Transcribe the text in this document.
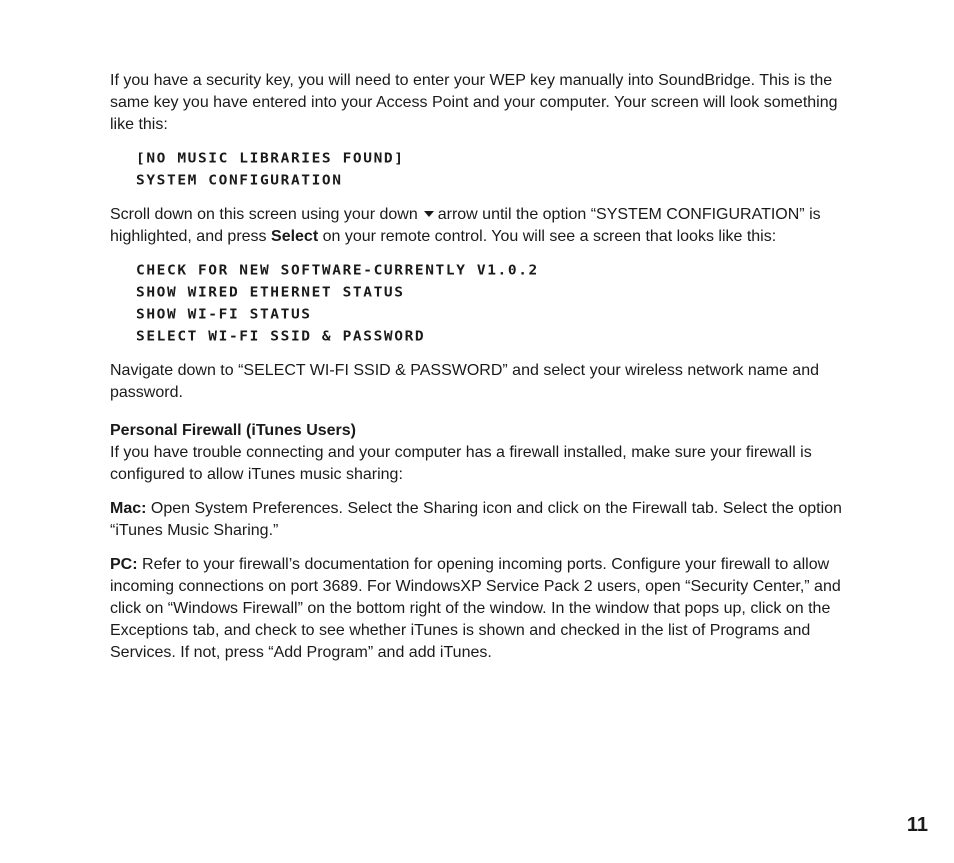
If you have a security key, you will need to enter your WEP key manually into SoundBridge. This is the same key you have entered into your Access Point and your computer. Your screen will look something like this:

[NO MUSIC LIBRARIES FOUND]
SYSTEM CONFIGURATION

Scroll down on this screen using your down arrow until the option “SYSTEM CONFIGURATION” is highlighted, and press Select on your remote control. You will see a screen that looks like this:

CHECK FOR NEW SOFTWARE-CURRENTLY V1.0.2
SHOW WIRED ETHERNET STATUS
SHOW WI-FI STATUS
SELECT WI-FI SSID & PASSWORD

Navigate down to “SELECT WI-FI SSID & PASSWORD” and select your wireless network name and password.

Personal Firewall (iTunes Users)

If you have trouble connecting and your computer has a firewall installed, make sure your firewall is configured to allow iTunes music sharing:

Mac: Open System Preferences. Select the Sharing icon and click on the Firewall tab. Select the option “iTunes Music Sharing.”

PC: Refer to your firewall’s documentation for opening incoming ports. Configure your firewall to allow incoming connections on port 3689. For WindowsXP Service Pack 2 users, open “Security Center,” and click on “Windows Firewall” on the bottom right of the window. In the window that pops up, click on the Exceptions tab, and check to see whether iTunes is shown and checked in the list of Programs and Services. If not, press “Add Program” and add iTunes.

11
